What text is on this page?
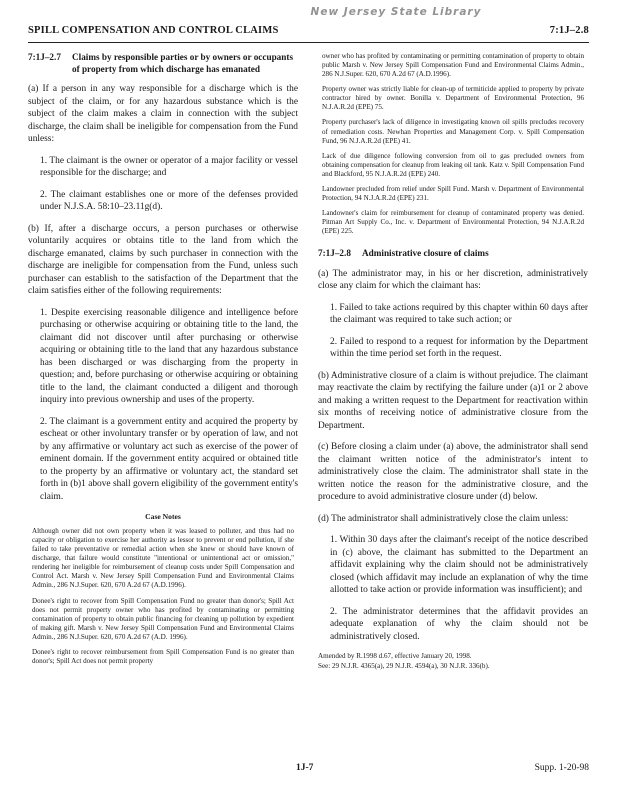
New Jersey State Library
SPILL COMPENSATION AND CONTROL CLAIMS	7:1J–2.8
7:1J–2.7	Claims by responsible parties or by owners or occupants of property from which discharge has emanated

(a) If a person in any way responsible for a discharge which is the subject of the claim, or for any hazardous substance which is the subject of the claim makes a claim in connection with the subject discharge, the claim shall be ineligible for compensation from the Fund unless:

1. The claimant is the owner or operator of a major facility or vessel responsible for the discharge; and

2. The claimant establishes one or more of the defenses provided under N.J.S.A. 58:10–23.11g(d).

(b) If, after a discharge occurs, a person purchases or otherwise voluntarily acquires or obtains title to the land from which the discharge emanated, claims by such purchaser in connection with the discharge are ineligible for compensation from the Fund, unless such purchaser can establish to the satisfaction of the Department that the claim satisfies either of the following requirements:

1. Despite exercising reasonable diligence and intelligence before purchasing or otherwise acquiring or obtaining title to the land, the claimant did not discover until after purchasing or otherwise acquiring or obtaining title to the land that any hazardous substance has been discharged or was discharging from the property in question; and, before purchasing or otherwise acquiring or obtaining title to the land, the claimant conducted a diligent and thorough inquiry into previous ownership and uses of the property.

2. The claimant is a government entity and acquired the property by escheat or other involuntary transfer or by operation of law, and not by any affirmative or voluntary act such as exercise of the power of eminent domain. If the government entity acquired or obtained title to the property by an affirmative or voluntary act, the standard set forth in (b)1 above shall govern eligibility of the government entity's claim.

Case Notes

Although owner did not own property when it was leased to polluter, and thus had no capacity or obligation to exercise her authority as lessor to prevent or end pollution, if she failed to take preventative or remedial action when she knew or should have known of discharge, that failure would constitute "intentional or unintentional act or omission," rendering her ineligible for reimbursement of cleanup costs under Spill Compensation and Control Act. Marsh v. New Jersey Spill Compensation Fund and Environmental Claims Admin., 286 N.J.Super. 620, 670 A.2d 67 (A.D.1996).

Donee's right to recover from Spill Compensation Fund no greater than donor's; Spill Act does not permit property owner who has profited by contaminating or permitting contamination of property to obtain public financing for cleaning up pollution by expedient of making gift. Marsh v. New Jersey Spill Compensation Fund and Environmental Claims Admin., 286 N.J.Super. 620, 670 A.2d 67 (A.D. 1996).

Donee's right to recover reimbursement from Spill Compensation Fund is no greater than donor's; Spill Act does not permit property

owner who has profited by contaminating or permitting contamination of property to obtain public Marsh v. New Jersey Spill Compensation Fund and Environmental Claims Admin., 286 N.J.Super. 620, 670 A.2d 67 (A.D.1996).

Property owner was strictly liable for clean-up of termiticide applied to property by private contractor hired by owner. Bonilla v. Department of Environmental Protection, 96 N.J.A.R.2d (EPE) 75.

Property purchaser's lack of diligence in investigating known oil spills precludes recovery of remediation costs. Newhan Properties and Management Corp. v. Spill Compensation Fund, 96 N.J.A.R.2d (EPE) 41.

Lack of due diligence following conversion from oil to gas precluded owners from obtaining compensation for cleanup from leaking oil tank. Katz v. Spill Compensation Fund and Blackford, 95 N.J.A.R.2d (EPE) 240.

Landowner precluded from relief under Spill Fund. Marsh v. Department of Environmental Protection, 94 N.J.A.R.2d (EPE) 231.

Landowner's claim for reimbursement for cleanup of contaminated property was denied. Pitman Art Supply Co., Inc. v. Department of Environmental Protection, 94 N.J.A.R.2d (EPE) 225.

7:1J–2.8	Administrative closure of claims

(a) The administrator may, in his or her discretion, administratively close any claim for which the claimant has:

1. Failed to take actions required by this chapter within 60 days after the claimant was required to take such action; or

2. Failed to respond to a request for information by the Department within the time period set forth in the request.

(b) Administrative closure of a claim is without prejudice. The claimant may reactivate the claim by rectifying the failure under (a)1 or 2 above and making a written request to the Department for reactivation within six months of receiving notice of administrative closure from the Department.

(c) Before closing a claim under (a) above, the administrator shall send the claimant written notice of the administrator's intent to administratively close the claim. The administrator shall state in the written notice the reason for the administrative closure, and the procedure to avoid administrative closure under (d) below.

(d) The administrator shall administratively close the claim unless:

1. Within 30 days after the claimant's receipt of the notice described in (c) above, the claimant has submitted to the Department an affidavit explaining why the claim should not be administratively closed (which affidavit may include an explanation of why the time allotted to take action or provide information was insufficient); and

2. The administrator determines that the affidavit provides an adequate explanation of why the claim should not be administratively closed.

Amended by R.1998 d.67, effective January 20, 1998.
See: 29 N.J.R. 4365(a), 29 N.J.R. 4594(a), 30 N.J.R. 336(b).
1J-7	Supp. 1-20-98
